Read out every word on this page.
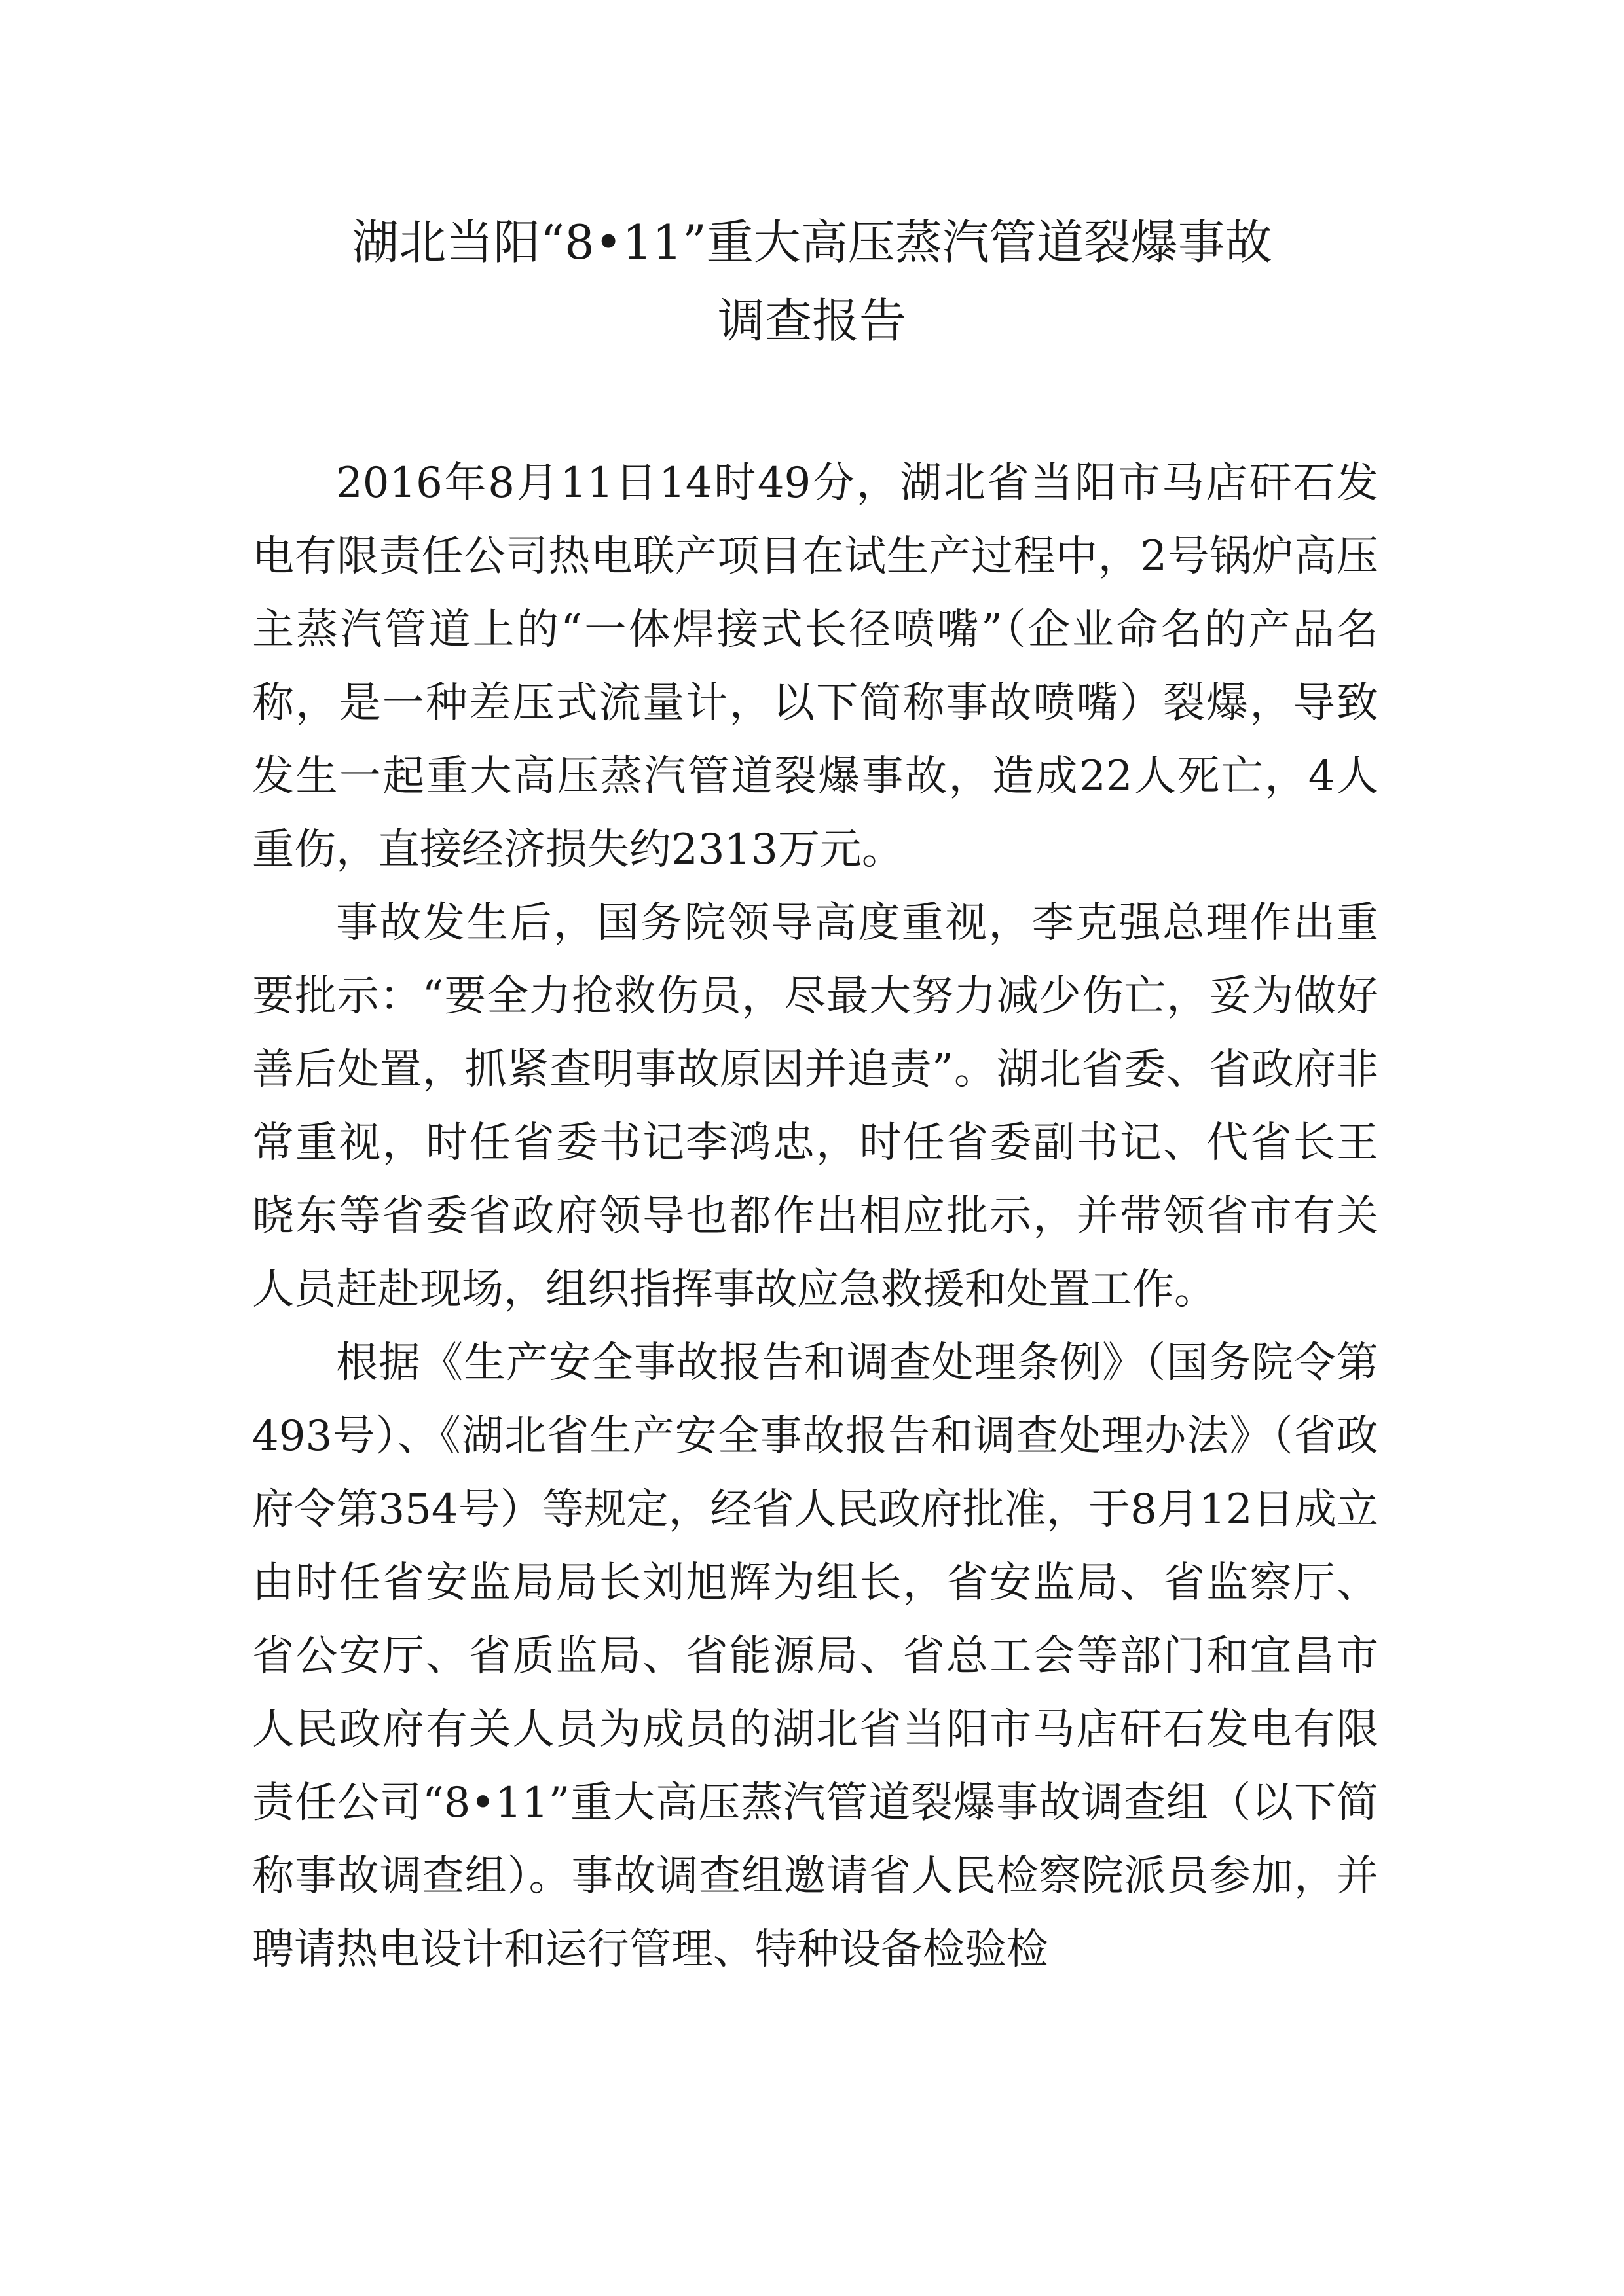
湖北当阳“8•11”重大高压蒸汽管道裂爆事故
调查报告

2016年8月11日14时49分，湖北省当阳市马店矸石发电有限责任公司热电联产项目在试生产过程中，2号锅炉高压主蒸汽管道上的“一体焊接式长径喷嘴”（企业命名的产品名称，是一种差压式流量计，以下简称事故喷嘴）裂爆，导致发生一起重大高压蒸汽管道裂爆事故，造成22人死亡，4人重伤，直接经济损失约2313万元。

事故发生后，国务院领导高度重视，李克强总理作出重要批示：“要全力抢救伤员，尽最大努力减少伤亡，妥为做好善后处置，抓紧查明事故原因并追责”。湖北省委、省政府非常重视，时任省委书记李鸿忠，时任省委副书记、代省长王晓东等省委省政府领导也都作出相应批示，并带领省市有关人员赶赴现场，组织指挥事故应急救援和处置工作。

根据《生产安全事故报告和调查处理条例》（国务院令第493号）、《湖北省生产安全事故报告和调查处理办法》（省政府令第354号）等规定，经省人民政府批准，于8月12日成立由时任省安监局局长刘旭辉为组长，省安监局、省监察厅、省公安厅、省质监局、省能源局、省总工会等部门和宜昌市人民政府有关人员为成员的湖北省当阳市马店矸石发电有限责任公司“8•11”重大高压蒸汽管道裂爆事故调查组（以下简称事故调查组）。事故调查组邀请省人民检察院派员参加，并聘请热电设计和运行管理、特种设备检验检
